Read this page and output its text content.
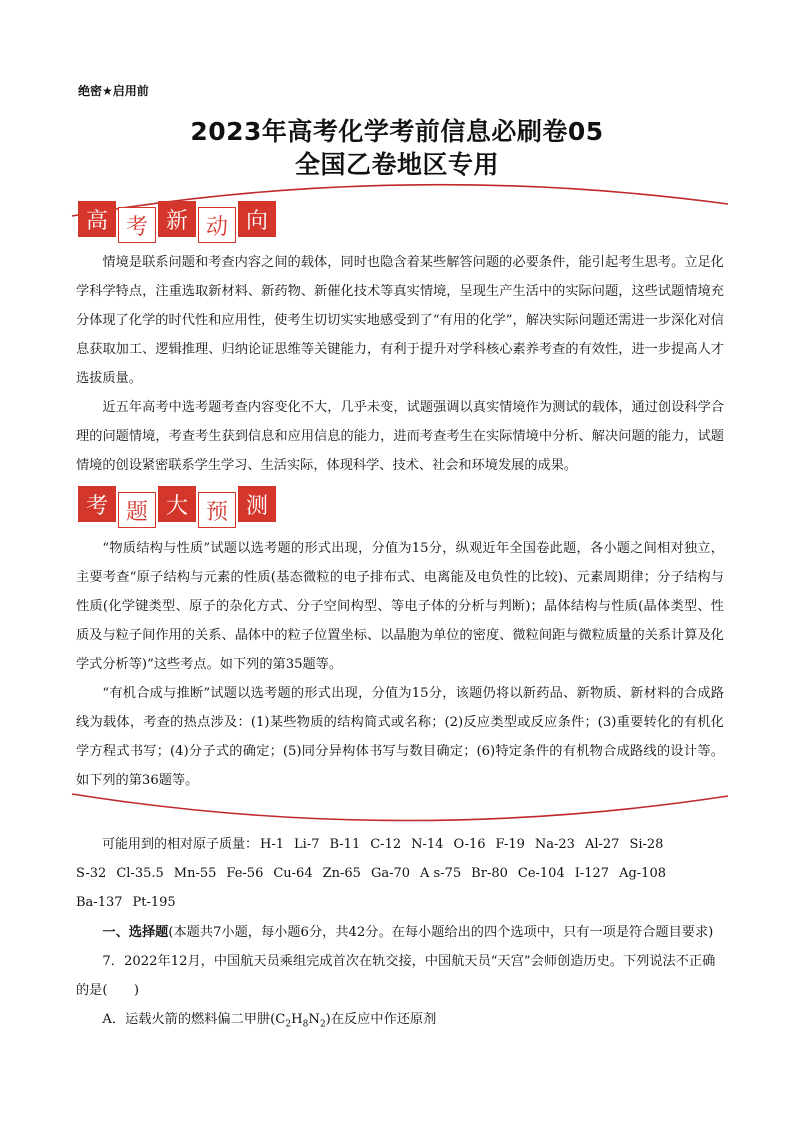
绝密★启用前
2023年高考化学考前信息必刷卷05
全国乙卷地区专用
高 考 新 动 向

情境是联系问题和考查内容之间的载体，同时也隐含着某些解答问题的必要条件，能引起考生思考。立足化学科学特点，注重选取新材料、新药物、新催化技术等真实情境，呈现生产生活中的实际问题，这些试题情境充分体现了化学的时代性和应用性，使考生切切实实地感受到了“有用的化学”，解决实际问题还需进一步深化对信息获取加工、逻辑推理、归纳论证思维等关键能力，有利于提升对学科核心素养考查的有效性，进一步提高人才选拔质量。

近五年高考中选考题考查内容变化不大，几乎未变，试题强调以真实情境作为测试的载体，通过创设科学合理的问题情境，考查考生获到信息和应用信息的能力，进而考查考生在实际情境中分析、解决问题的能力，试题情境的创设紧密联系学生学习、生活实际，体现科学、技术、社会和环境发展的成果。

考 题 大 预 测

“物质结构与性质”试题以选考题的形式出现，分值为15分，纵观近年全国卷此题，各小题之间相对独立，主要考查“原子结构与元素的性质(基态微粒的电子排布式、电离能及电负性的比较)、元素周期律；分子结构与性质(化学键类型、原子的杂化方式、分子空间构型、等电子体的分析与判断)；晶体结构与性质(晶体类型、性质及与粒子间作用的关系、晶体中的粒子位置坐标、以晶胞为单位的密度、微粒间距与微粒质量的关系计算及化学式分析等)”这些考点。如下列的第35题等。

“有机合成与推断”试题以选考题的形式出现，分值为15分，该题仍将以新药品、新物质、新材料的合成路线为载体，考查的热点涉及：(1)某些物质的结构简式或名称；(2)反应类型或反应条件；(3)重要转化的有机化学方程式书写；(4)分子式的确定；(5)同分异构体书写与数目确定；(6)特定条件的有机物合成路线的设计等。如下列的第36题等。

可能用到的相对原子质量： H-1 Li-7 B-11 C-12 N-14 O-16 F-19 Na-23 Al-27 Si-28
S-32 Cl-35.5 Mn-55 Fe-56 Cu-64 Zn-65 Ga-70 A s-75 Br-80 Ce-104 I-127 Ag-108
Ba-137 Pt-195

一、选择题(本题共7小题，每小题6分，共42分。在每小题给出的四个选项中，只有一项是符合题目要求)

7．2022年12月，中国航天员乘组完成首次在轨交接，中国航天员“天宫”会师创造历史。下列说法不正确的是(　　)

A．运载火箭的燃料偏二甲肼$(C_2H_8N_2)$在反应中作还原剂
